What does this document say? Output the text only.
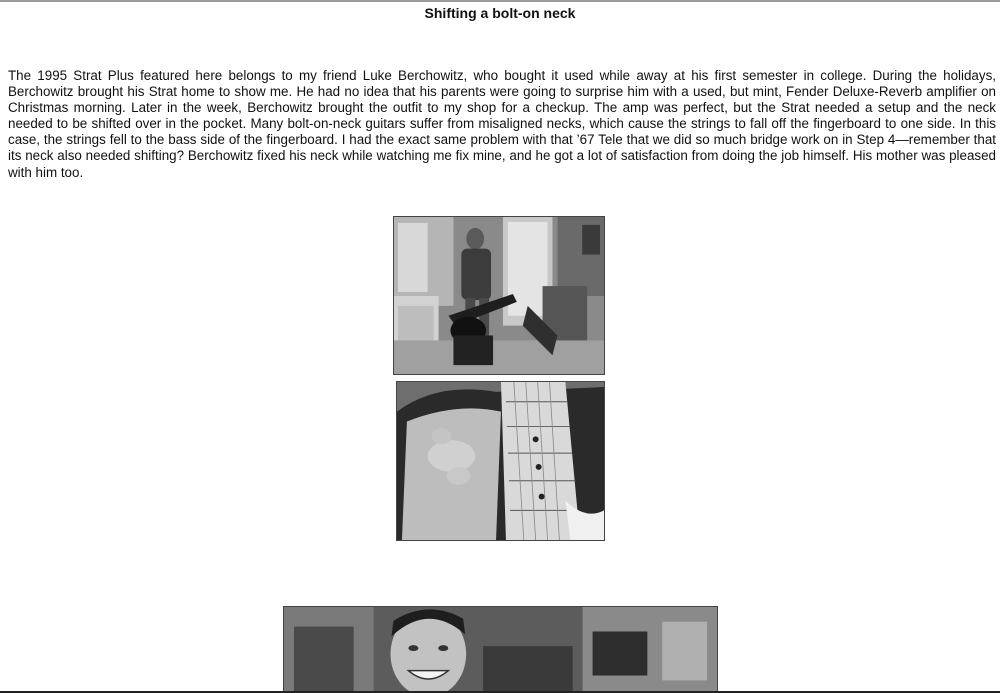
Shifting a bolt-on neck

The 1995 Strat Plus featured here belongs to my friend Luke Berchowitz, who bought it used while away at his first semester in college. During the holidays, Berchowitz brought his Strat home to show me. He had no idea that his parents were going to surprise him with a used, but mint, Fender Deluxe-Reverb amplifier on Christmas morning. Later in the week, Berchowitz brought the outfit to my shop for a checkup. The amp was perfect, but the Strat needed a setup and the neck needed to be shifted over in the pocket. Many bolt-on-neck guitars suffer from misaligned necks, which cause the strings to fall off the fingerboard to one side. In this case, the strings fell to the bass side of the fingerboard. I had the exact same problem with that ’67 Tele that we did so much bridge work on in Step 4—remember that its neck also needed shifting? Berchowitz fixed his neck while watching me fix mine, and he got a lot of satisfaction from doing the job himself. His mother was pleased with him too.
